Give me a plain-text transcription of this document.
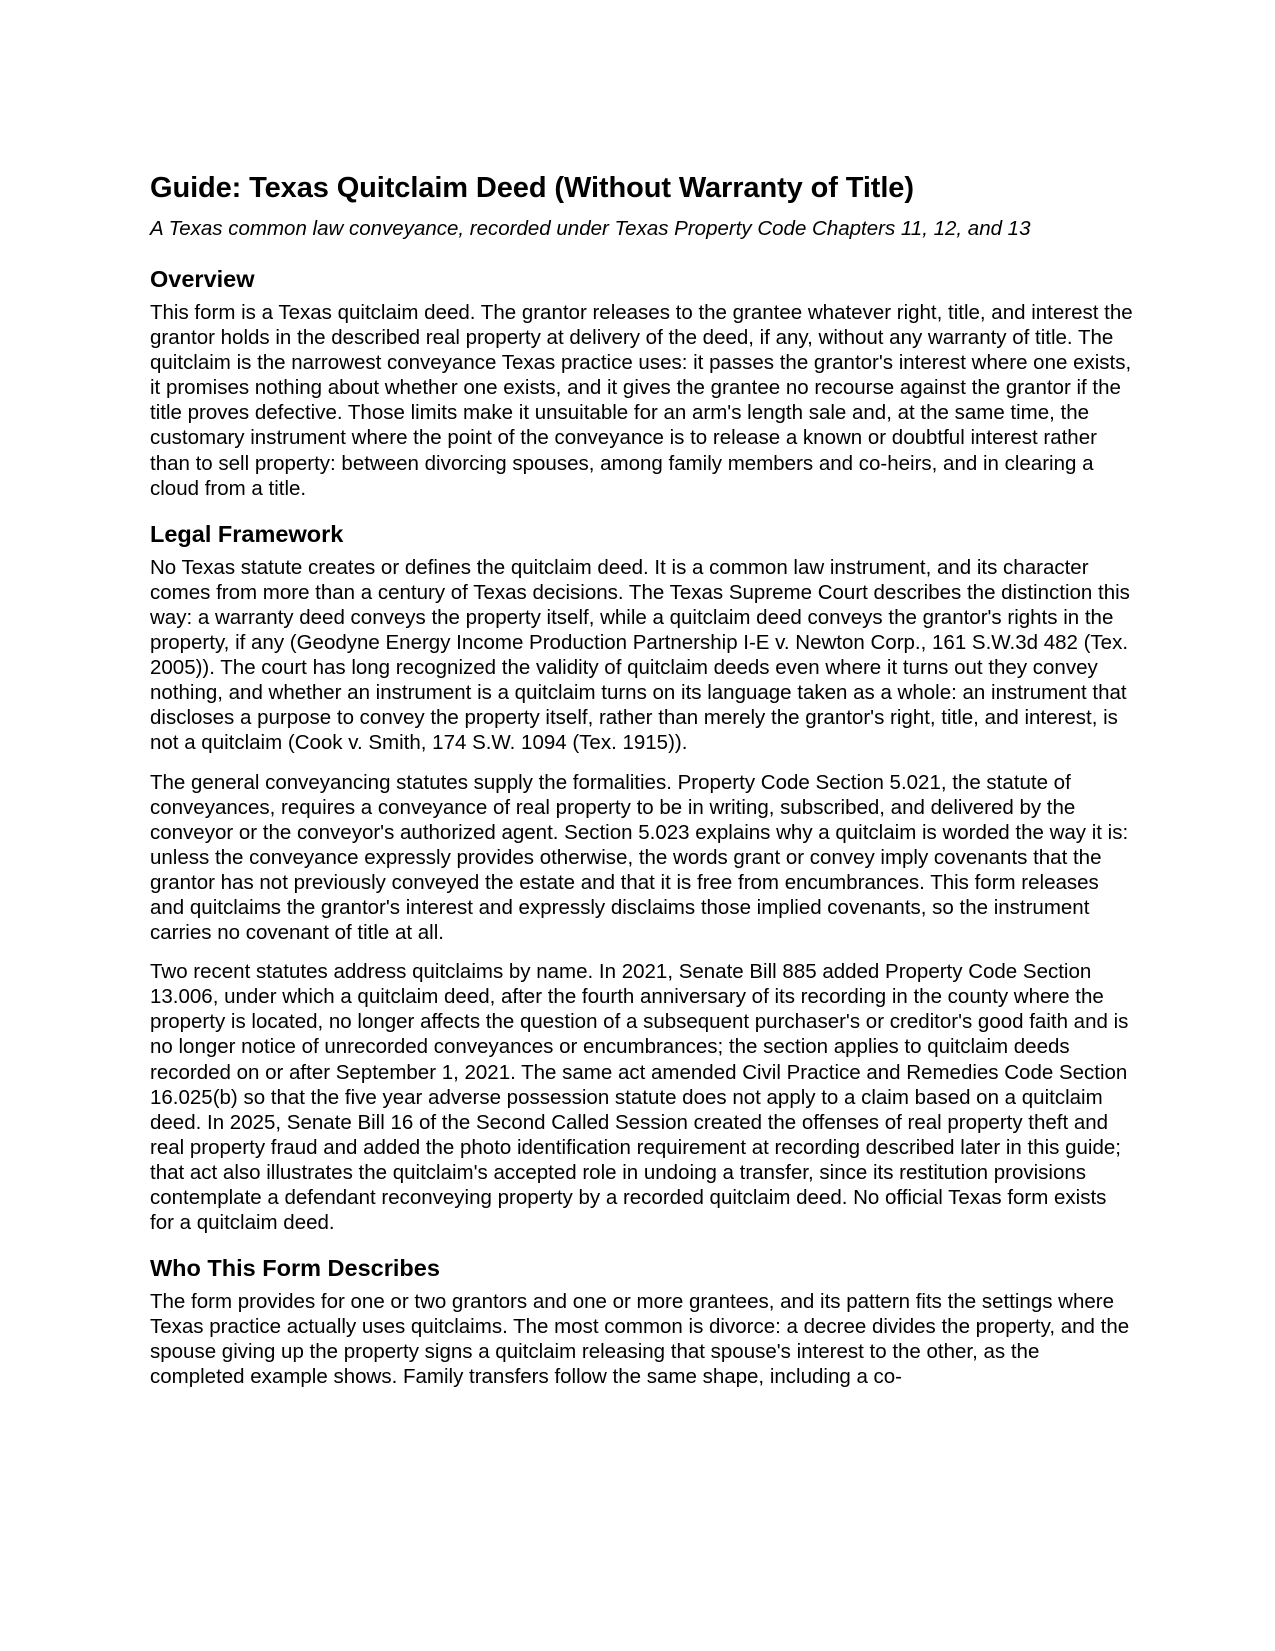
Guide: Texas Quitclaim Deed (Without Warranty of Title)
A Texas common law conveyance, recorded under Texas Property Code Chapters 11, 12, and 13
Overview

This form is a Texas quitclaim deed. The grantor releases to the grantee whatever right, title, and interest the grantor holds in the described real property at delivery of the deed, if any, without any warranty of title. The quitclaim is the narrowest conveyance Texas practice uses: it passes the grantor's interest where one exists, it promises nothing about whether one exists, and it gives the grantee no recourse against the grantor if the title proves defective. Those limits make it unsuitable for an arm's length sale and, at the same time, the customary instrument where the point of the conveyance is to release a known or doubtful interest rather than to sell property: between divorcing spouses, among family members and co-heirs, and in clearing a cloud from a title.

Legal Framework

No Texas statute creates or defines the quitclaim deed. It is a common law instrument, and its character comes from more than a century of Texas decisions. The Texas Supreme Court describes the distinction this way: a warranty deed conveys the property itself, while a quitclaim deed conveys the grantor's rights in the property, if any (Geodyne Energy Income Production Partnership I-E v. Newton Corp., 161 S.W.3d 482 (Tex. 2005)). The court has long recognized the validity of quitclaim deeds even where it turns out they convey nothing, and whether an instrument is a quitclaim turns on its language taken as a whole: an instrument that discloses a purpose to convey the property itself, rather than merely the grantor's right, title, and interest, is not a quitclaim (Cook v. Smith, 174 S.W. 1094 (Tex. 1915)).

The general conveyancing statutes supply the formalities. Property Code Section 5.021, the statute of conveyances, requires a conveyance of real property to be in writing, subscribed, and delivered by the conveyor or the conveyor's authorized agent. Section 5.023 explains why a quitclaim is worded the way it is: unless the conveyance expressly provides otherwise, the words grant or convey imply covenants that the grantor has not previously conveyed the estate and that it is free from encumbrances. This form releases and quitclaims the grantor's interest and expressly disclaims those implied covenants, so the instrument carries no covenant of title at all.

Two recent statutes address quitclaims by name. In 2021, Senate Bill 885 added Property Code Section 13.006, under which a quitclaim deed, after the fourth anniversary of its recording in the county where the property is located, no longer affects the question of a subsequent purchaser's or creditor's good faith and is no longer notice of unrecorded conveyances or encumbrances; the section applies to quitclaim deeds recorded on or after September 1, 2021. The same act amended Civil Practice and Remedies Code Section 16.025(b) so that the five year adverse possession statute does not apply to a claim based on a quitclaim deed. In 2025, Senate Bill 16 of the Second Called Session created the offenses of real property theft and real property fraud and added the photo identification requirement at recording described later in this guide; that act also illustrates the quitclaim's accepted role in undoing a transfer, since its restitution provisions contemplate a defendant reconveying property by a recorded quitclaim deed. No official Texas form exists for a quitclaim deed.

Who This Form Describes

The form provides for one or two grantors and one or more grantees, and its pattern fits the settings where Texas practice actually uses quitclaims. The most common is divorce: a decree divides the property, and the spouse giving up the property signs a quitclaim releasing that spouse's interest to the other, as the completed example shows. Family transfers follow the same shape, including a co-
